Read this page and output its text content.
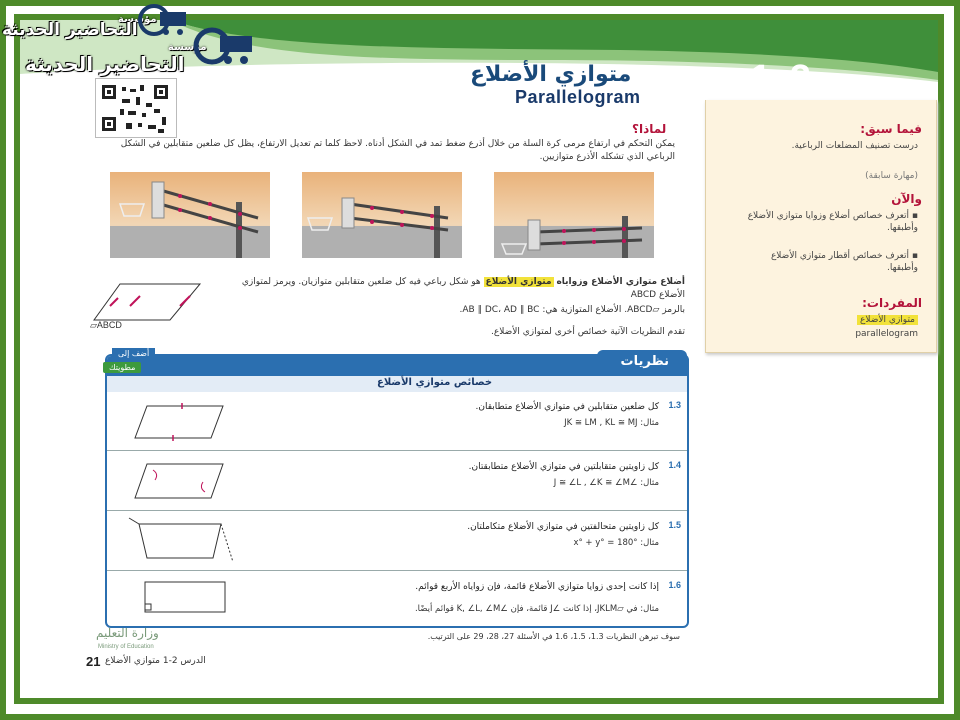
1-2
متوازي الأضلاع
Parallelogram
مؤسسة
التحاضير الحديثة
مؤسسة
التحاضير الحديثة
فيما سبق:
درست تصنيف المضلعات الرباعية.
(مهارة سابقة)
والآن
▪ أتعرف خصائص أضلاع وزوايا متوازي الأضلاع وأطبقها.
▪ أتعرف خصائص أقطار متوازي الأضلاع وأطبقها.
المفردات:
متوازي الأضلاع
parallelogram
لماذا؟
يمكن التحكم في ارتفاع مرمى كرة السلة من خلال أذرع ضغط تمد في الشكل أدناه. لاحظ كلما تم تعديل الارتفاع، يظل كل ضلعين متقابلين في الشكل الرباعي الذي تشكله الأذرع متوازيين.
▱ABCD
أضلاع متوازي الأضلاع وزواياه متوازي الأضلاع هو شكل رباعي فيه كل ضلعين متقابلين متوازيان. ويرمز لمتوازي الأضلاع ABCD
بالرمز ▱ABCD. الأضلاع المتوازية هي: AB ∥ DC، AD ∥ BC.
تقدم النظريات الآتية خصائص أخرى لمتوازي الأضلاع.
نظريات
خصائص متوازي الأضلاع
أضف إلى
مطويتك
1.3
كل ضلعين متقابلين في متوازي الأضلاع متطابقان.
مثال: JK ≅ LM , KL ≅ MJ
1.4
كل زاويتين متقابلتين في متوازي الأضلاع متطابقتان.
مثال: ∠J ≅ ∠L , ∠K ≅ ∠M
1.5
كل زاويتين متحالفتين في متوازي الأضلاع متكاملتان.
مثال: x° + y° = 180°
1.6
إذا كانت إحدى زوايا متوازي الأضلاع قائمة، فإن زواياه الأربع قوائم.
مثال: في ▱JKLM، إذا كانت ∠J قائمة، فإن ∠K, ∠L, ∠M قوائم أيضًا.
سوف تبرهن النظريات 1.3، 1.5، 1.6 في الأسئلة 27، 28، 29 على الترتيب.
وزارة التعليم
Ministry of Education
21 الدرس 2-1 متوازي الأضلاع
